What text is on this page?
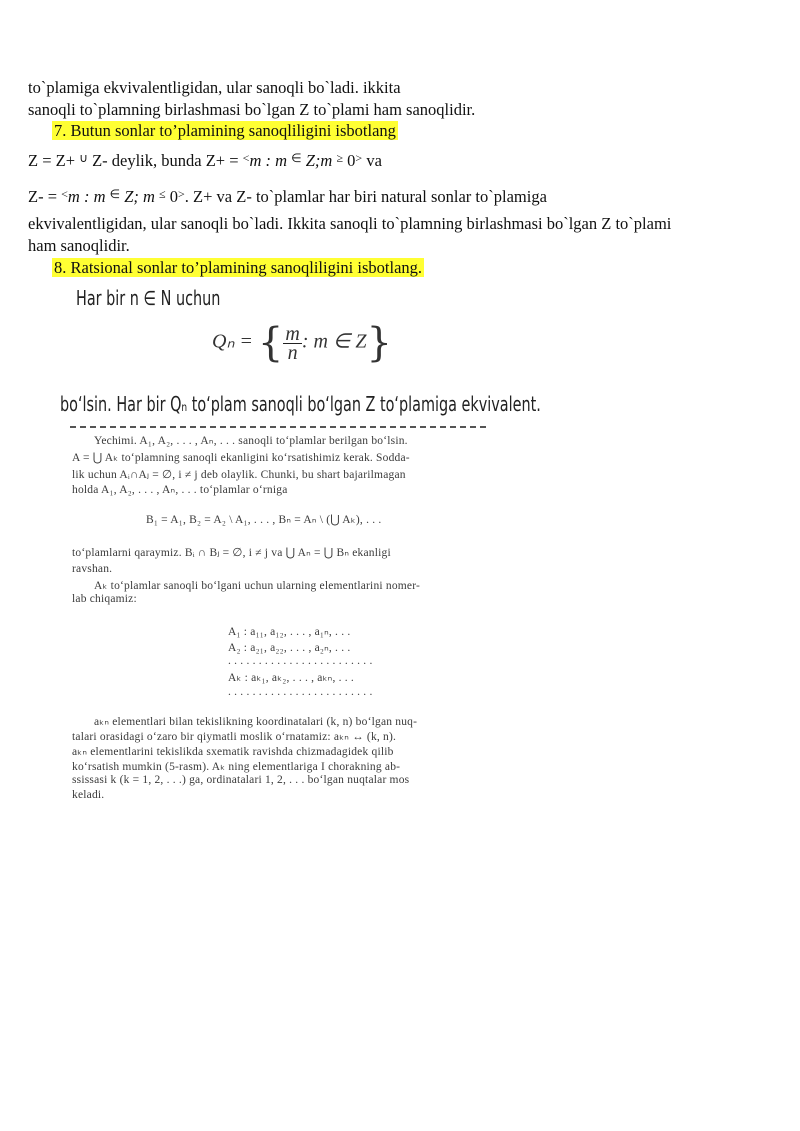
to`plamiga ekvivalentligidan, ular sanoqli bo`ladi. ikkita
sanoqli to`plamning birlashmasi bo`lgan Z to`plami ham sanoqlidir.
7. Butun sonlar to’plamining sanoqliligini isbotlang
Z = Z+ ∪ Z- deylik, bunda Z+ = <m : m ∈ Z;m ≥ 0> va
Z- = <m : m ∈ Z; m ≤ 0>. Z+ va Z- to`plamlar har biri natural sonlar to`plamiga
ekvivalentligidan, ular sanoqli bo`ladi. Ikkita sanoqli to`plamning birlashmasi bo`lgan Z to`plami
ham sanoqlidir.
8. Ratsional sonlar to’plamining sanoqliligini isbotlang.
Har bir n ∈ N uchun
Qₙ = { $\frac{m}{n}$ : m ∈ Z}
bo‘lsin. Har bir Qₙ to‘plam sanoqli bo‘lgan Z to‘plamiga ekvivalent.
Yechimi. A₁, A₂, . . . , Aₙ, . . . sanoqli to‘plamlar berilgan bo‘lsin.
A = ⋃ Aₖ to‘plamning sanoqli ekanligini ko‘rsatishimiz kerak. Sodda-
lik uchun Aᵢ∩Aⱼ = ∅, i ≠ j deb olaylik. Chunki, bu shart bajarilmagan
holda A₁, A₂, . . . , Aₙ, . . . to‘plamlar o‘rniga
B₁ = A₁, B₂ = A₂ \ A₁, . . . , Bₙ = Aₙ \ (⋃ Aₖ), . . .
to‘plamlarni qaraymiz. Bᵢ ∩ Bⱼ = ∅, i ≠ j va ⋃ Aₙ = ⋃ Bₙ ekanligi
ravshan.
Aₖ to‘plamlar sanoqli bo‘lgani uchun ularning elementlarini nomer-
lab chiqamiz:
A₁ : a₁₁, a₁₂, . . . , a₁ₙ, . . .
A₂ : a₂₁, a₂₂, . . . , a₂ₙ, . . .
. . . . . . . . . . . . . . . . . . . . . . . .
Aₖ : aₖ₁, aₖ₂, . . . , aₖₙ, . . .
. . . . . . . . . . . . . . . . . . . . . . . .
aₖₙ elementlari bilan tekislikning koordinatalari (k, n) bo‘lgan nuq-
talari orasidagi o‘zaro bir qiymatli moslik o‘rnatamiz: aₖₙ ↔ (k, n).
aₖₙ elementlarini tekislikda sxematik ravishda chizmadagidek qilib
ko‘rsatish mumkin (5-rasm). Aₖ ning elementlariga I chorakning ab-
ssissasi k (k = 1, 2, . . .) ga, ordinatalari 1, 2, . . . bo‘lgan nuqtalar mos
keladi.
